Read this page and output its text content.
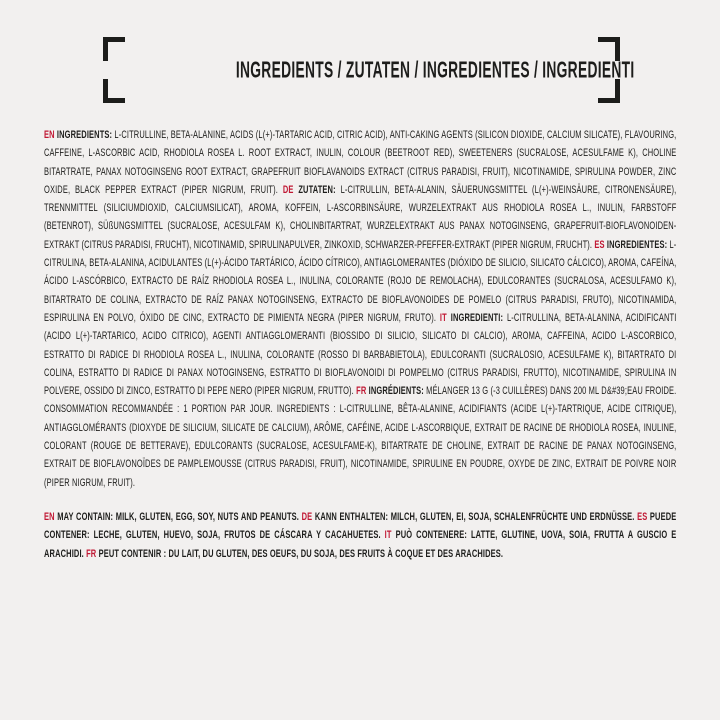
INGREDIENTS / ZUTATEN / INGREDIENTES / INGREDIENTI

EN INGREDIENTS: L-CITRULLINE, BETA-ALANINE, ACIDS (L(+)-TARTARIC ACID, CITRIC ACID), ANTI-CAKING AGENTS (SILICON DIOXIDE, CALCIUM SILICATE), FLAVOURING, CAFFEINE, L-ASCORBIC ACID, RHODIOLA ROSEA L. ROOT EXTRACT, INULIN, COLOUR (BEETROOT RED), SWEETENERS (SUCRALOSE, ACESULFAME K), CHOLINE BITARTRATE, PANAX NOTOGINSENG ROOT EXTRACT, GRAPEFRUIT BIOFLAVANOIDS EXTRACT (CITRUS PARADISI, FRUIT), NICOTINAMIDE, SPIRULINA POWDER, ZINC OXIDE, BLACK PEPPER EXTRACT (PIPER NIGRUM, FRUIT). DE ZUTATEN: L-CITRULLIN, BETA-ALANIN, SÄUERUNGSMITTEL (L(+)-WEINSÄURE, CITRONENSÄURE), TRENNMITTEL (SILICIUMDIOXID, CALCIUMSILICAT), AROMA, KOFFEIN, L-ASCORBINSÄURE, WURZELEXTRAKT AUS RHODIOLA ROSEA L., INULIN, FARBSTOFF (BETENROT), SÜßUNGSMITTEL (SUCRALOSE, ACESULFAM K), CHOLINBITARTRAT, WURZELEXTRAKT AUS PANAX NOTOGINSENG, GRAPEFRUIT-BIOFLAVONOIDEN-EXTRAKT (CITRUS PARADISI, FRUCHT), NICOTINAMID, SPIRULINAPULVER, ZINKOXID, SCHWARZER-PFEFFER-EXTRAKT (PIPER NIGRUM, FRUCHT). ES INGREDIENTES: L-CITRULINA, BETA-ALANINA, ACIDULANTES (L(+)-ÁCIDO TARTÁRICO, ÁCIDO CÍTRICO), ANTIAGLOMERANTES (DIÓXIDO DE SILICIO, SILICATO CÁLCICO), AROMA, CAFEÍNA, ÁCIDO L-ASCÓRBICO, EXTRACTO DE RAÍZ RHODIOLA ROSEA L., INULINA, COLORANTE (ROJO DE REMOLACHA), EDULCORANTES (SUCRALOSA, ACESULFAMO K), BITARTRATO DE COLINA, EXTRACTO DE RAÍZ PANAX NOTOGINSENG, EXTRACTO DE BIOFLAVONOIDES DE POMELO (CITRUS PARADISI, FRUTO), NICOTINAMIDA, ESPIRULINA EN POLVO, ÓXIDO DE CINC, EXTRACTO DE PIMIENTA NEGRA (PIPER NIGRUM, FRUTO). IT INGREDIENTI: L-CITRULLINA, BETA-ALANINA, ACIDIFICANTI (ACIDO L(+)-TARTARICO, ACIDO CITRICO), AGENTI ANTIAGGLOMERANTI (BIOSSIDO DI SILICIO, SILICATO DI CALCIO), AROMA, CAFFEINA, ACIDO L-ASCORBICO, ESTRATTO DI RADICE DI RHODIOLA ROSEA L., INULINA, COLORANTE (ROSSO DI BARBABIETOLA), EDULCORANTI (SUCRALOSIO, ACESULFAME K), BITARTRATO DI COLINA, ESTRATTO DI RADICE DI PANAX NOTOGINSENG, ESTRATTO DI BIOFLAVONOIDI DI POMPELMO (CITRUS PARADISI, FRUTTO), NICOTINAMIDE, SPIRULINA IN POLVERE, OSSIDO DI ZINCO, ESTRATTO DI PEPE NERO (PIPER NIGRUM, FRUTTO). FR INGRÉDIENTS: MÉLANGER 13 G (-3 CUILLÈRES) DANS 200 ML D&#39;EAU FROIDE. CONSOMMATION RECOMMANDÉE : 1 PORTION PAR JOUR. INGREDIENTS : L-CITRULLINE, BÊTA-ALANINE, ACIDIFIANTS (ACIDE L(+)-TARTRIQUE, ACIDE CITRIQUE), ANTIAGGLOMÉRANTS (DIOXYDE DE SILICIUM, SILICATE DE CALCIUM), ARÔME, CAFÉINE, ACIDE L-ASCORBIQUE, EXTRAIT DE RACINE DE RHODIOLA ROSEA, INULINE, COLORANT (ROUGE DE BETTERAVE), EDULCORANTS (SUCRALOSE, ACESULFAME-K), BITARTRATE DE CHOLINE, EXTRAIT DE RACINE DE PANAX NOTOGINSENG, EXTRAIT DE BIOFLAVONOÏDES DE PAMPLEMOUSSE (CITRUS PARADISI, FRUIT), NICOTINAMIDE, SPIRULINE EN POUDRE, OXYDE DE ZINC, EXTRAIT DE POIVRE NOIR (PIPER NIGRUM, FRUIT).

EN MAY CONTAIN: MILK, GLUTEN, EGG, SOY, NUTS AND PEANUTS. DE KANN ENTHALTEN: MILCH, GLUTEN, EI, SOJA, SCHALENFRÜCHTE UND ERDNÜSSE. ES PUEDE CONTENER: LECHE, GLUTEN, HUEVO, SOJA, FRUTOS DE CÁSCARA Y CACAHUETES. IT PUÒ CONTENERE: LATTE, GLUTINE, UOVA, SOIA, FRUTTA A GUSCIO E ARACHIDI. FR PEUT CONTENIR : DU LAIT, DU GLUTEN, DES OEUFS, DU SOJA, DES FRUITS À COQUE ET DES ARACHIDES.
